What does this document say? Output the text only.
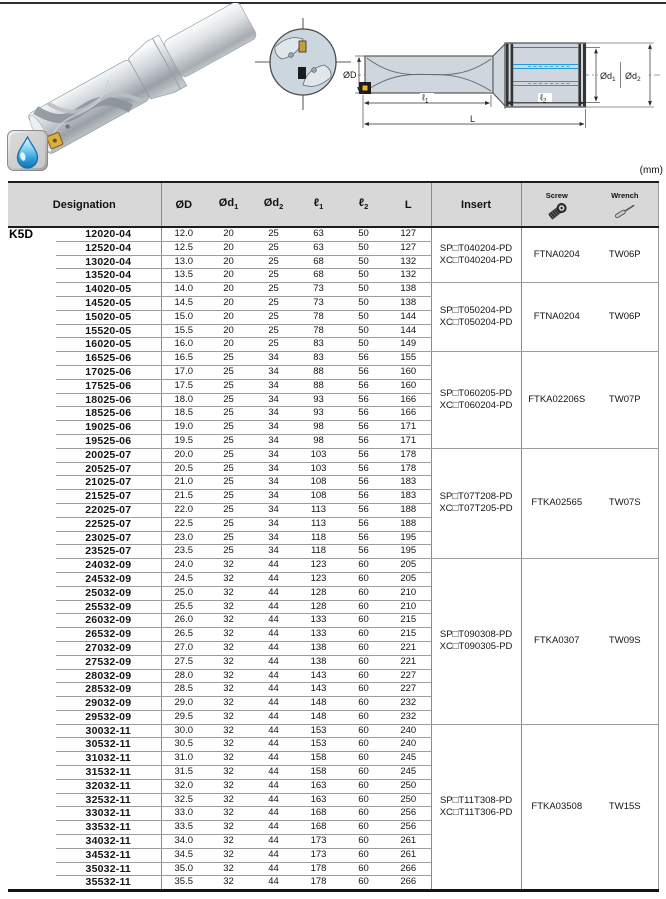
ØD	$Ød_1$ $Ød_2$
ℓ$_1$	ℓ$_2$
L
(mm)
Designation		ØD	$Ød_1$	$Ød_2$	ℓ$_1$	ℓ$_2$	L	Insert	Screw	Wrench

K5D	12020-04	12.0	20	25	63	50	127	SP□T040204-PD
XC□T040204-PD	FTNA0204	TW06P
	12520-04	12.5	20	25	63	50	127			
	13020-04	13.0	20	25	68	50	132			
	13520-04	13.5	20	25	68	50	132			
	14020-05	14.0	20	25	73	50	138	SP□T050204-PD
XC□T050204-PD	FTNA0204	TW06P
	14520-05	14.5	20	25	73	50	138			
	15020-05	15.0	20	25	78	50	144			
	15520-05	15.5	20	25	78	50	144			
	16020-05	16.0	20	25	83	50	149			
	16525-06	16.5	25	34	83	56	155	SP□T060205-PD
XC□T060204-PD	FTKA02206S	TW07P
	17025-06	17.0	25	34	88	56	160			
	17525-06	17.5	25	34	88	56	160			
	18025-06	18.0	25	34	93	56	166			
	18525-06	18.5	25	34	93	56	166			
	19025-06	19.0	25	34	98	56	171			
	19525-06	19.5	25	34	98	56	171			
	20025-07	20.0	25	34	103	56	178	SP□T07T208-PD
XC□T07T205-PD	FTKA02565	TW07S
	20525-07	20.5	25	34	103	56	178			
	21025-07	21.0	25	34	108	56	183			
	21525-07	21.5	25	34	108	56	183			
	22025-07	22.0	25	34	113	56	188			
	22525-07	22.5	25	34	113	56	188			
	23025-07	23.0	25	34	118	56	195			
	23525-07	23.5	25	34	118	56	195			
	24032-09	24.0	32	44	123	60	205	SP□T090308-PD
XC□T090305-PD	FTKA0307	TW09S
	24532-09	24.5	32	44	123	60	205			
	25032-09	25.0	32	44	128	60	210			
	25532-09	25.5	32	44	128	60	210			
	26032-09	26.0	32	44	133	60	215			
	26532-09	26.5	32	44	133	60	215			
	27032-09	27.0	32	44	138	60	221			
	27532-09	27.5	32	44	138	60	221			
	28032-09	28.0	32	44	143	60	227			
	28532-09	28.5	32	44	143	60	227			
	29032-09	29.0	32	44	148	60	232			
	29532-09	29.5	32	44	148	60	232			
	30032-11	30.0	32	44	153	60	240	SP□T11T308-PD
XC□T11T306-PD	FTKA03508	TW15S
	30532-11	30.5	32	44	153	60	240			
	31032-11	31.0	32	44	158	60	245			
	31532-11	31.5	32	44	158	60	245			
	32032-11	32.0	32	44	163	60	250			
	32532-11	32.5	32	44	163	60	250			
	33032-11	33.0	32	44	168	60	256			
	33532-11	33.5	32	44	168	60	256			
	34032-11	34.0	32	44	173	60	261			
	34532-11	34.5	32	44	173	60	261			
	35032-11	35.0	32	44	178	60	266			
	35532-11	35.5	32	44	178	60	266			
